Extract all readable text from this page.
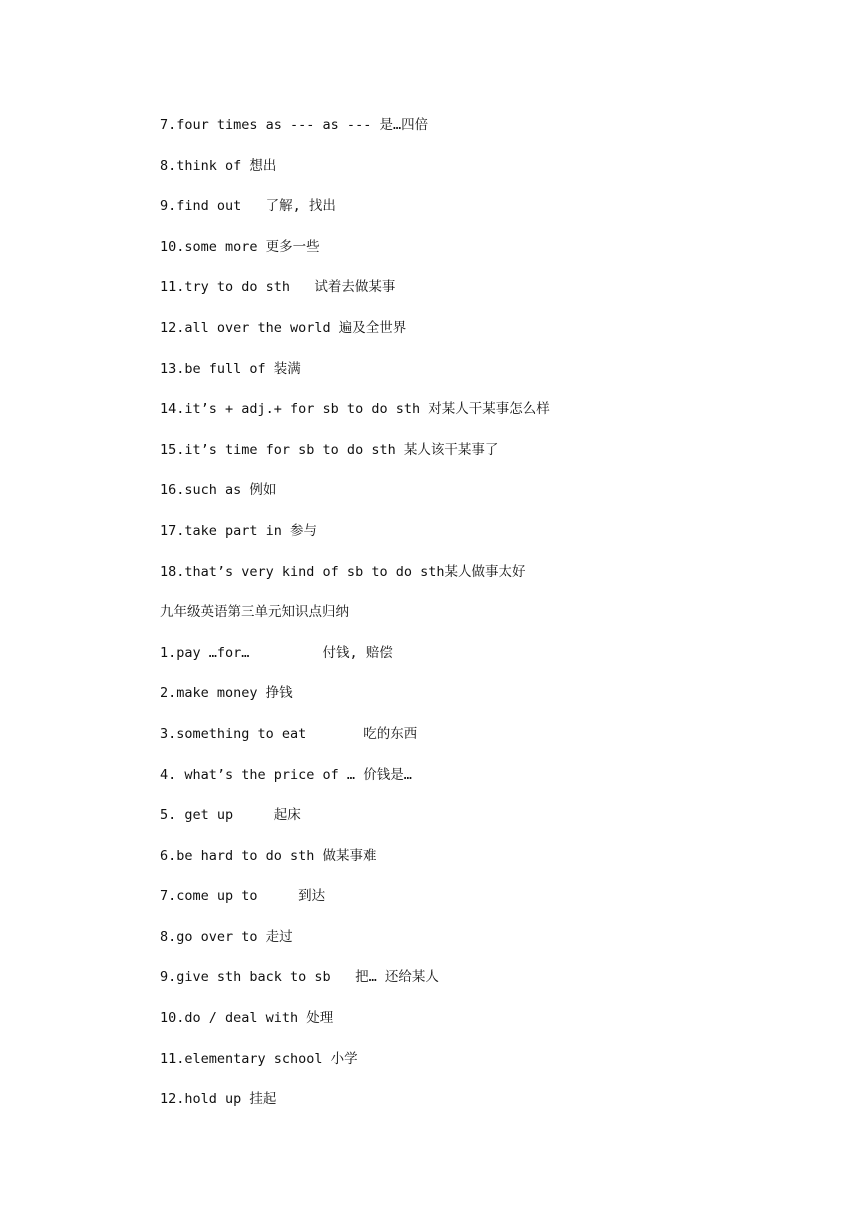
7.four times as --- as --- 是…四倍
8.think of 想出
9.find out   了解, 找出
10.some more 更多一些
11.try to do sth   试着去做某事
12.all over the world 遍及全世界
13.be full of 装满
14.it’s + adj.+ for sb to do sth 对某人干某事怎么样
15.it’s time for sb to do sth 某人该干某事了
16.such as 例如
17.take part in 参与
18.that’s very kind of sb to do sth某人做事太好
九年级英语第三单元知识点归纳
1.pay …for…         付钱, 赔偿
2.make money 挣钱
3.something to eat       吃的东西
4. what’s the price of … 价钱是…
5. get up     起床
6.be hard to do sth 做某事难
7.come up to     到达
8.go over to 走过
9.give sth back to sb   把… 还给某人
10.do / deal with 处理
11.elementary school 小学
12.hold up 挂起
